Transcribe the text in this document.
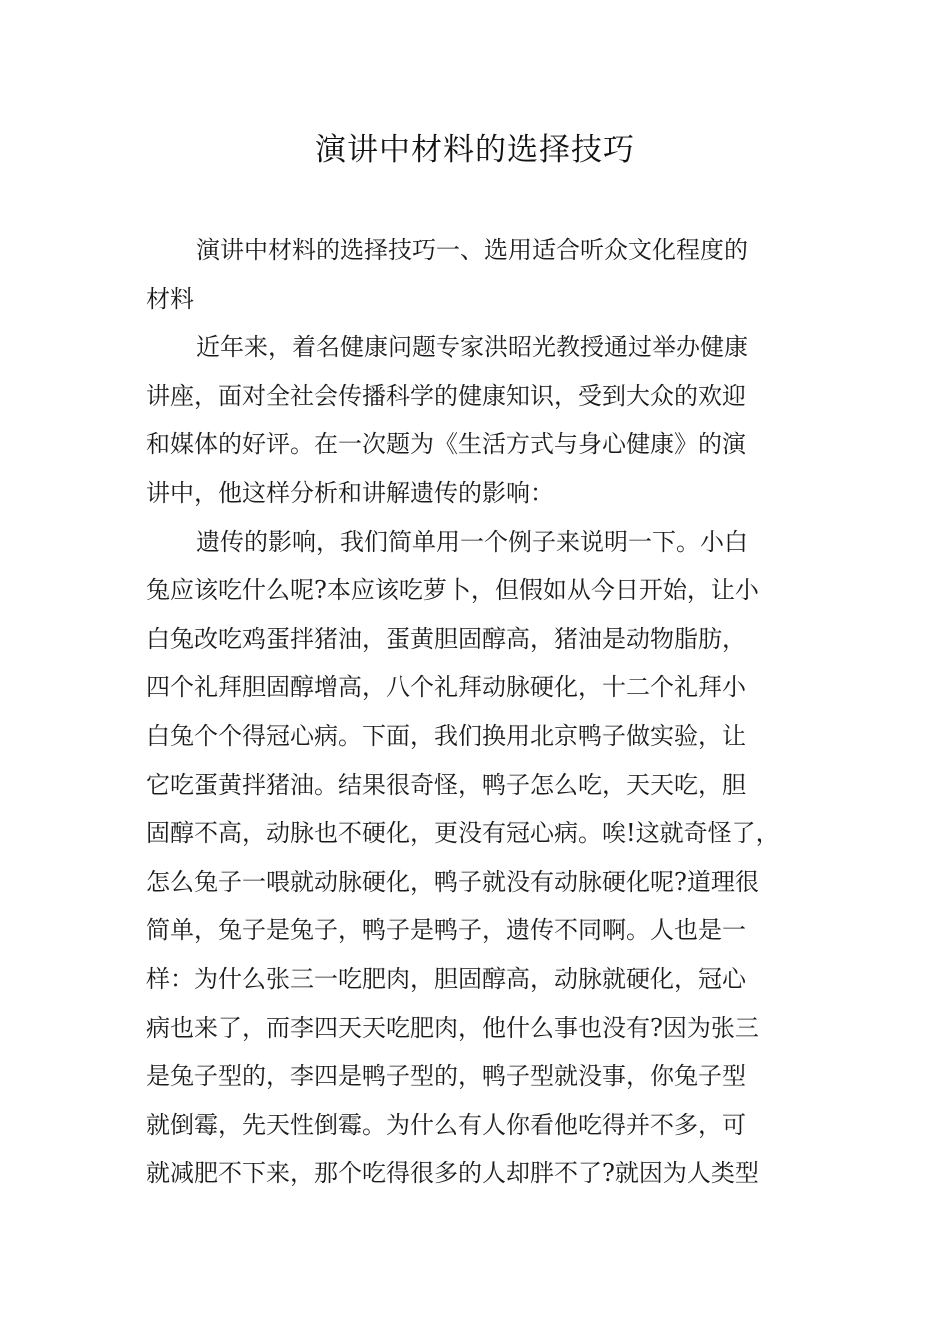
演讲中材料的选择技巧
演讲中材料的选择技巧一、选用适合听众文化程度的
材料
近年来，着名健康问题专家洪昭光教授通过举办健康
讲座，面对全社会传播科学的健康知识，受到大众的欢迎
和媒体的好评。在一次题为《生活方式与身心健康》的演
讲中，他这样分析和讲解遗传的影响：
遗传的影响，我们简单用一个例子来说明一下。小白
兔应该吃什么呢?本应该吃萝卜，但假如从今日开始，让小
白兔改吃鸡蛋拌猪油，蛋黄胆固醇高，猪油是动物脂肪，
四个礼拜胆固醇增高，八个礼拜动脉硬化，十二个礼拜小
白兔个个得冠心病。下面，我们换用北京鸭子做实验，让
它吃蛋黄拌猪油。结果很奇怪，鸭子怎么吃，天天吃，胆
固醇不高，动脉也不硬化，更没有冠心病。唉!这就奇怪了，
怎么兔子一喂就动脉硬化，鸭子就没有动脉硬化呢?道理很
简单，兔子是兔子，鸭子是鸭子，遗传不同啊。人也是一
样：为什么张三一吃肥肉，胆固醇高，动脉就硬化，冠心
病也来了，而李四天天吃肥肉，他什么事也没有?因为张三
是兔子型的，李四是鸭子型的，鸭子型就没事，你兔子型
就倒霉，先天性倒霉。为什么有人你看他吃得并不多，可
就减肥不下来，那个吃得很多的人却胖不了?就因为人类型
